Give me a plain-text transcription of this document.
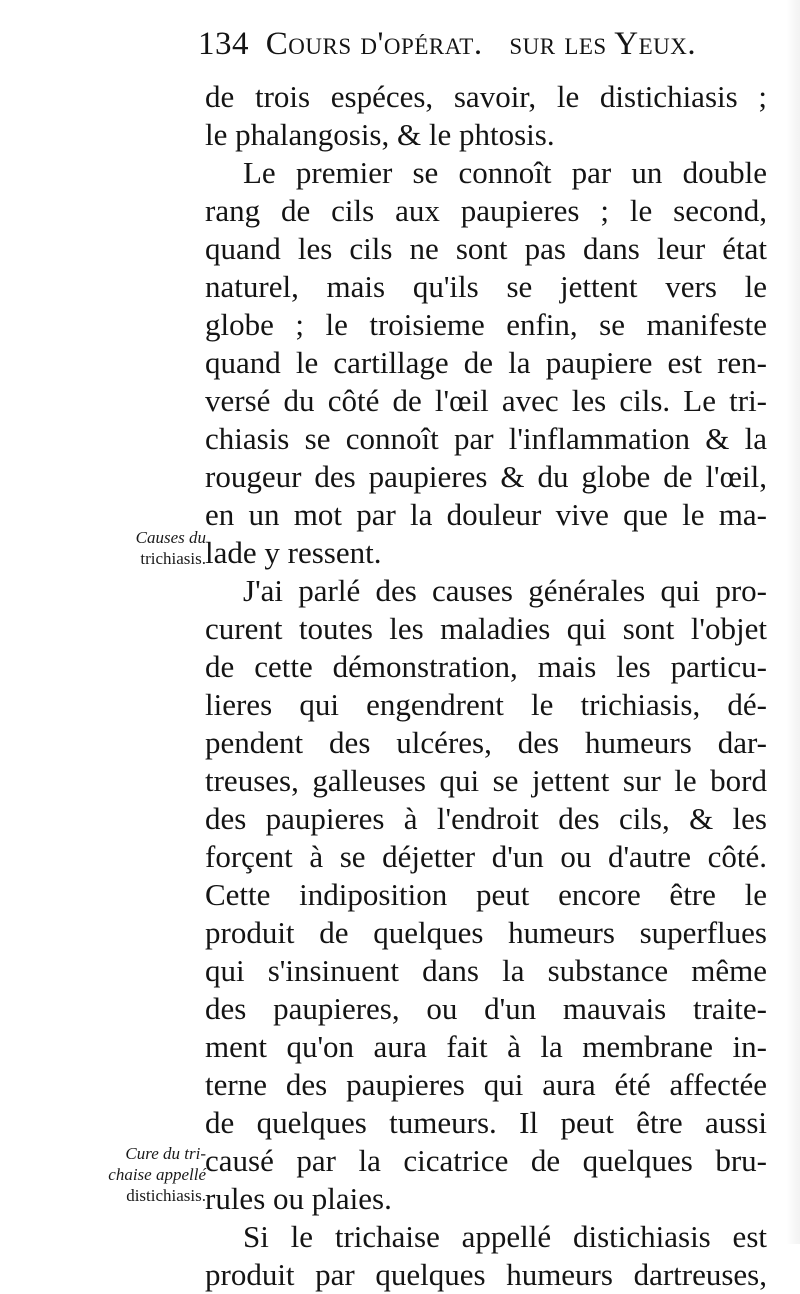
134 Cours d'opérat. sur les Yeux.
de trois espéces, savoir, le distichiasis ;
le phalangosis, & le phtosis.
Le premier se connoît par un double
rang de cils aux paupieres ; le second,
quand les cils ne sont pas dans leur état
naturel, mais qu'ils se jettent vers le
globe ; le troisieme enfin, se manifeste
quand le cartillage de la paupiere est ren-
versé du côté de l'œil avec les cils. Le tri-
chiasis se connoît par l'inflammation & la
rougeur des paupieres & du globe de l'œil,
en un mot par la douleur vive que le ma-
lade y ressent.
J'ai parlé des causes générales qui pro-
curent toutes les maladies qui sont l'objet
de cette démonstration, mais les particu-
lieres qui engendrent le trichiasis, dé-
pendent des ulcéres, des humeurs dar-
treuses, galleuses qui se jettent sur le bord
des paupieres à l'endroit des cils, & les
forçent à se déjetter d'un ou d'autre côté.
Cette indiposition peut encore être le
produit de quelques humeurs superflues
qui s'insinuent dans la substance même
des paupieres, ou d'un mauvais traite-
ment qu'on aura fait à la membrane in-
terne des paupieres qui aura été affectée
de quelques tumeurs. Il peut être aussi
causé par la cicatrice de quelques bru-
rules ou plaies.
Si le trichaise appellé distichiasis est
produit par quelques humeurs dartreuses,
Causes du
trichiasis.
Cure du tri-
chaise appellé
distichiasis.
